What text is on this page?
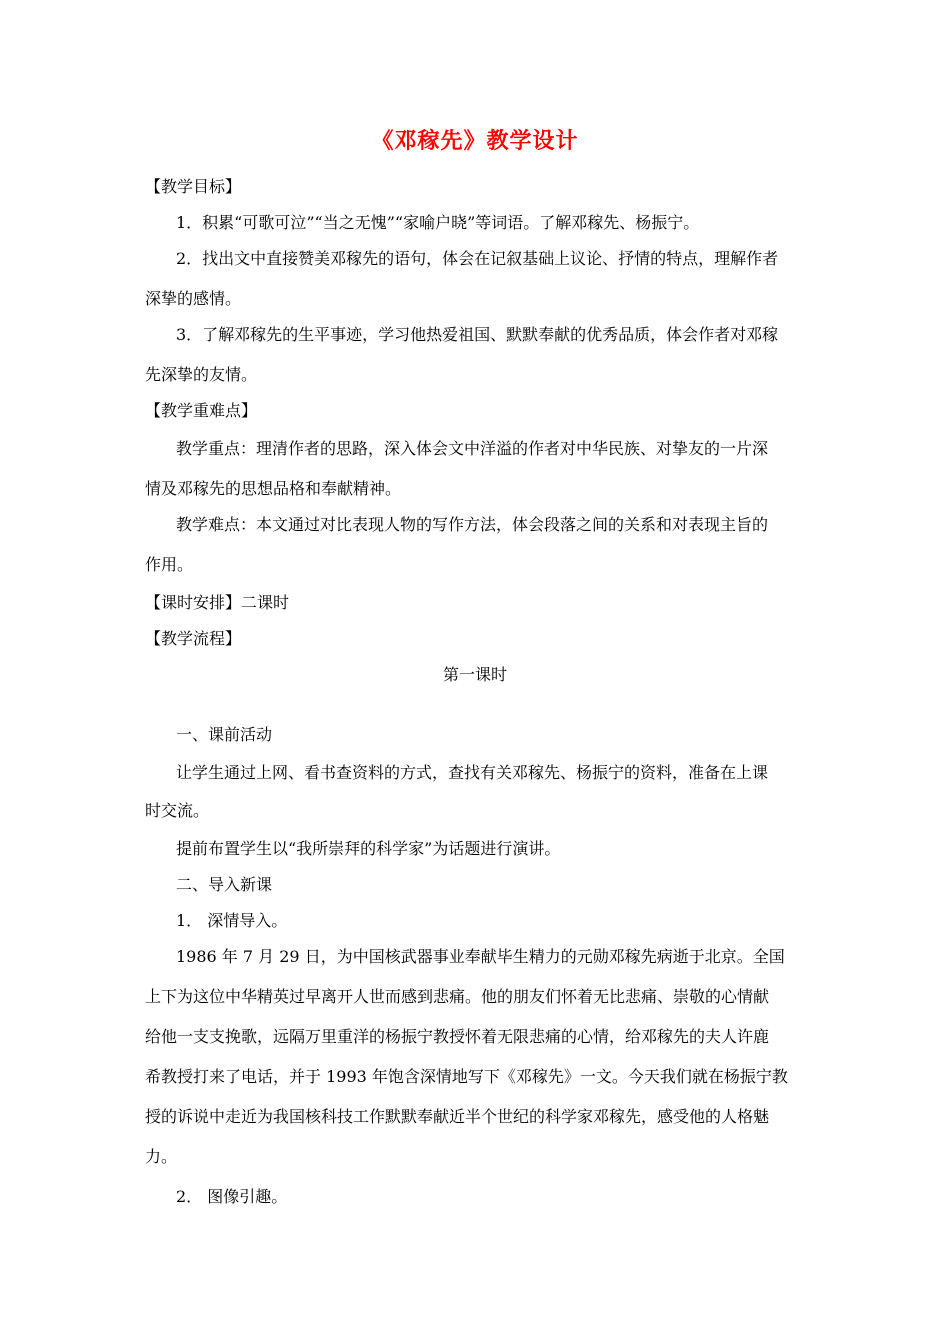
《邓稼先》教学设计
【教学目标】
1．积累“可歌可泣”“当之无愧”“家喻户晓”等词语。了解邓稼先、杨振宁。
2．找出文中直接赞美邓稼先的语句，体会在记叙基础上议论、抒情的特点，理解作者
深挚的感情。
3．了解邓稼先的生平事迹，学习他热爱祖国、默默奉献的优秀品质，体会作者对邓稼
先深挚的友情。
【教学重难点】
教学重点：理清作者的思路，深入体会文中洋溢的作者对中华民族、对挚友的一片深
情及邓稼先的思想品格和奉献精神。
教学难点：本文通过对比表现人物的写作方法，体会段落之间的关系和对表现主旨的
作用。
【课时安排】二课时
【教学流程】
第一课时
一、课前活动
让学生通过上网、看书查资料的方式，查找有关邓稼先、杨振宁的资料，准备在上课
时交流。
提前布置学生以“我所崇拜的科学家”为话题进行演讲。
二、导入新课
1． 深情导入。
1986 年 7 月 29 日，为中国核武器事业奉献毕生精力的元勋邓稼先病逝于北京。全国
上下为这位中华精英过早离开人世而感到悲痛。他的朋友们怀着无比悲痛、崇敬的心情献
给他一支支挽歌，远隔万里重洋的杨振宁教授怀着无限悲痛的心情，给邓稼先的夫人许鹿
希教授打来了电话，并于 1993 年饱含深情地写下《邓稼先》一文。今天我们就在杨振宁教
授的诉说中走近为我国核科技工作默默奉献近半个世纪的科学家邓稼先，感受他的人格魅
力。
2． 图像引趣。
